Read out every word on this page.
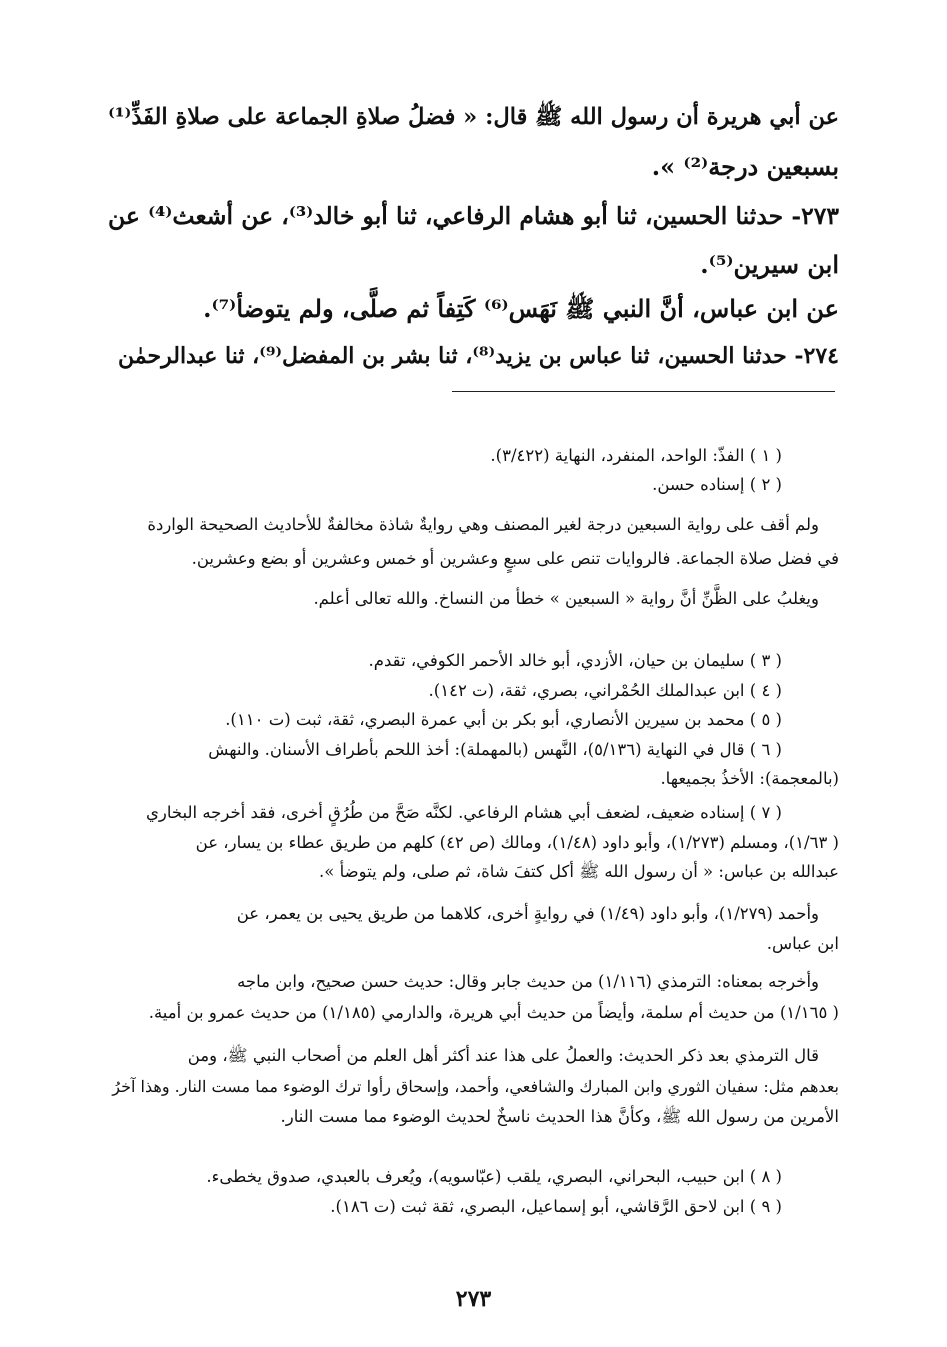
عن أبي هريرة أن رسول الله ﷺ قال: « فضلُ صلاةِ الجماعة على صلاةِ الفَذِّ⁽¹⁾

بسبعين درجة⁽²⁾ ».

٢٧٣- حدثنا الحسين، ثنا أبو هشام الرفاعي، ثنا أبو خالد⁽³⁾، عن أشعث⁽⁴⁾ عن

ابن سيرين⁽⁵⁾.

عن ابن عباس، أنَّ النبي ﷺ نَهَس⁽⁶⁾ كَتِفاً ثم صلَّى، ولم يتوضأ⁽⁷⁾.

٢٧٤- حدثنا الحسين، ثنا عباس بن يزيد⁽⁸⁾، ثنا بشر بن المفضل⁽⁹⁾، ثنا عبدالرحمٰن

( ١ ) الفذّ: الواحد، المنفرد، النهاية (٣/٤٢٢).

( ٢ ) إسناده حسن.

ولم أقف على رواية السبعين درجة لغير المصنف وهي روايةٌ شاذة مخالفةٌ للأحاديث الصحيحة الواردة

في فضل صلاة الجماعة. فالروايات تنص على سبعٍ وعشرين أو خمس وعشرين أو بضع وعشرين.

ويغلبُ على الظَّنِّ أنَّ رواية « السبعين » خطأ من النساخ. والله تعالى أعلم.

( ٣ ) سليمان بن حيان، الأزدي، أبو خالد الأحمر الكوفي، تقدم.

( ٤ ) ابن عبدالملك الحُمْراني، بصري، ثقة، (ت ١٤٢).

( ٥ ) محمد بن سيرين الأنصاري، أبو بكر بن أبي عمرة البصري، ثقة، ثبت (ت ١١٠).

( ٦ ) قال في النهاية (٥/١٣٦)، النَّهس (بالمهملة): أخذ اللحم بأطراف الأسنان. والنهش

(بالمعجمة): الأخذُ بجميعها.

( ٧ ) إسناده ضعيف، لضعف أبي هشام الرفاعي. لكنَّه صَحَّ من طُرُقٍ أخرى، فقد أخرجه البخاري

( ١/٦٣)، ومسلم (١/٢٧٣)، وأبو داود (١/٤٨)، ومالك (ص ٤٢) كلهم من طريق عطاء بن يسار، عن

عبدالله بن عباس: « أن رسول الله ﷺ أكل كتفَ شاة، ثم صلى، ولم يتوضأ ».

وأحمد (١/٢٧٩)، وأبو داود (١/٤٩) في روايةٍ أخرى، كلاهما من طريق يحيى بن يعمر، عن

ابن عباس.

وأخرجه بمعناه: الترمذي (١/١١٦) من حديث جابر وقال: حديث حسن صحيح، وابن ماجه

( ١/١٦٥) من حديث أم سلمة، وأيضاً من حديث أبي هريرة، والدارمي (١/١٨٥) من حديث عمرو بن أمية.

قال الترمذي بعد ذكر الحديث: والعملُ على هذا عند أكثر أهل العلم من أصحاب النبي ﷺ، ومن

بعدهم مثل: سفيان الثوري وابن المبارك والشافعي، وأحمد، وإسحاق رأوا ترك الوضوء مما مست النار. وهذا آخرُ

الأمرين من رسول الله ﷺ، وكأنَّ هذا الحديث ناسخٌ لحديث الوضوء مما مست النار.

( ٨ ) ابن حبيب، البحراني، البصري، يلقب (عبّاسويه)، ويُعرف بالعبدي، صدوق يخطىء.

( ٩ ) ابن لاحق الرَّقاشي، أبو إسماعيل، البصري، ثقة ثبت (ت ١٨٦).

٢٧٣
